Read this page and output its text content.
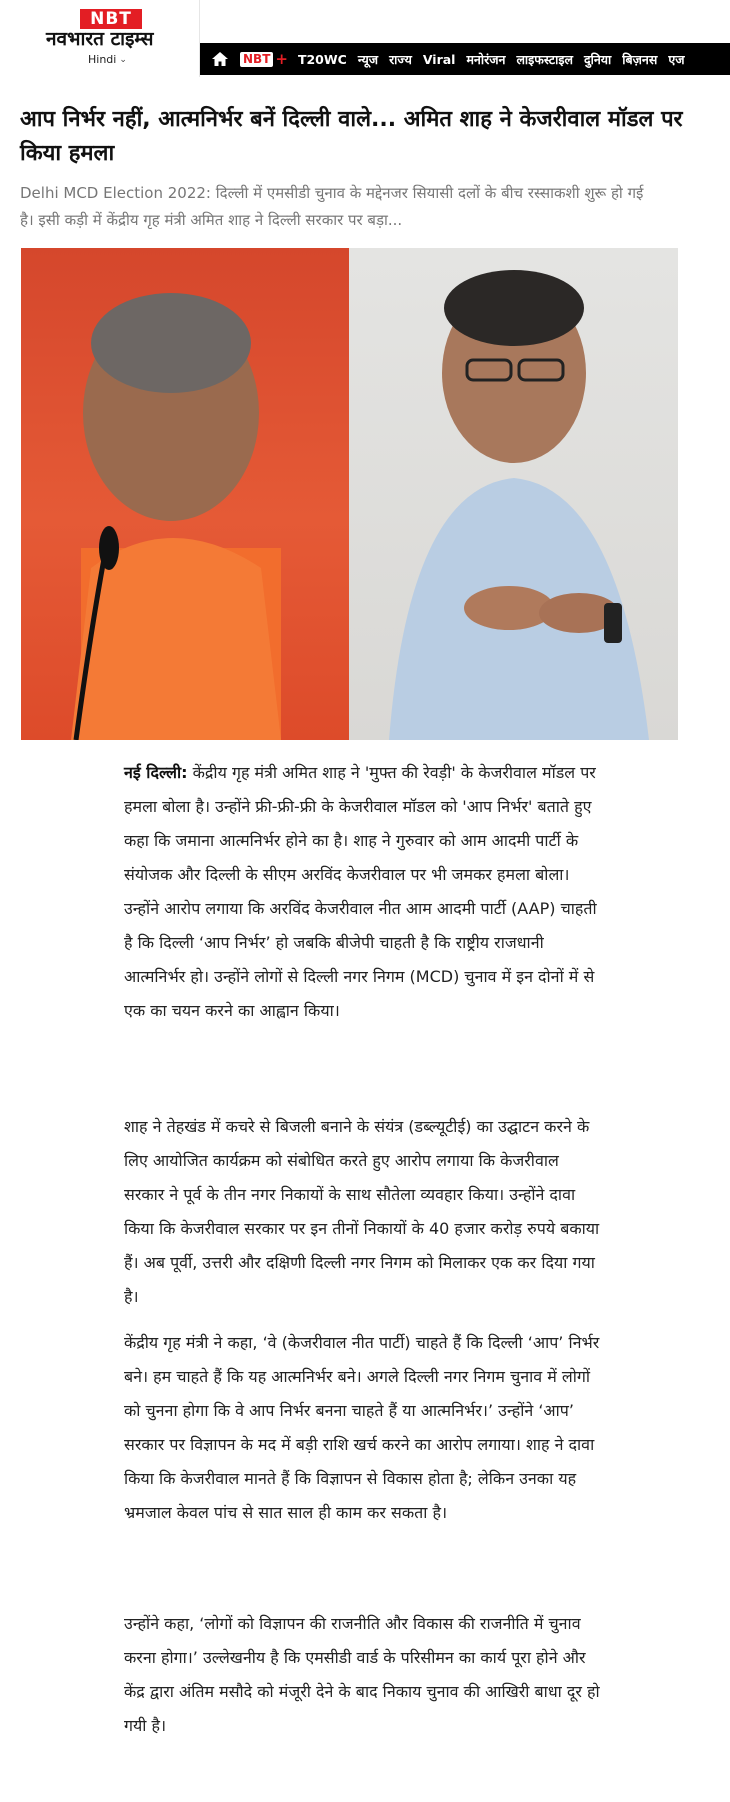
NBT
नवभारत टाइम्स
Hindi ⌄	NBT + T20WC न्यूज राज्य Viral मनोरंजन लाइफस्टाइल दुनिया बिज़नस एज
आप निर्भर नहीं, आत्मनिर्भर बनें दिल्ली वाले... अमित शाह ने केजरीवाल मॉडल पर किया हमला

Delhi MCD Election 2022: दिल्ली में एमसीडी चुनाव के मद्देनजर सियासी दलों के बीच रस्साकशी शुरू हो गई है। इसी कड़ी में केंद्रीय गृह मंत्री अमित शाह ने दिल्ली सरकार पर बड़ा...

नई दिल्ली: केंद्रीय गृह मंत्री अमित शाह ने 'मुफ्त की रेवड़ी' के केजरीवाल मॉडल पर हमला बोला है। उन्होंने फ्री-फ्री-फ्री के केजरीवाल मॉडल को 'आप निर्भर' बताते हुए कहा कि जमाना आत्मनिर्भर होने का है। शाह ने गुरुवार को आम आदमी पार्टी के संयोजक और दिल्ली के सीएम अरविंद केजरीवाल पर भी जमकर हमला बोला। उन्होंने आरोप लगाया कि अरविंद केजरीवाल नीत आम आदमी पार्टी (AAP) चाहती है कि दिल्ली ‘आप निर्भर’ हो जबकि बीजेपी चाहती है कि राष्ट्रीय राजधानी आत्मनिर्भर हो। उन्होंने लोगों से दिल्ली नगर निगम (MCD) चुनाव में इन दोनों में से एक का चयन करने का आह्वान किया।

शाह ने तेहखंड में कचरे से बिजली बनाने के संयंत्र (डब्ल्यूटीई) का उद्घाटन करने के लिए आयोजित कार्यक्रम को संबोधित करते हुए आरोप लगाया कि केजरीवाल सरकार ने पूर्व के तीन नगर निकायों के साथ सौतेला व्यवहार किया। उन्होंने दावा किया कि केजरीवाल सरकार पर इन तीनों निकायों के 40 हजार करोड़ रुपये बकाया हैं। अब पूर्वी, उत्तरी और दक्षिणी दिल्ली नगर निगम को मिलाकर एक कर दिया गया है।

केंद्रीय गृह मंत्री ने कहा, ‘वे (केजरीवाल नीत पार्टी) चाहते हैं कि दिल्ली ‘आप’ निर्भर बने। हम चाहते हैं कि यह आत्मनिर्भर बने। अगले दिल्ली नगर निगम चुनाव में लोगों को चुनना होगा कि वे आप निर्भर बनना चाहते हैं या आत्मनिर्भर।’ उन्होंने ‘आप’ सरकार पर विज्ञापन के मद में बड़ी राशि खर्च करने का आरोप लगाया। शाह ने दावा किया कि केजरीवाल मानते हैं कि विज्ञापन से विकास होता है; लेकिन उनका यह भ्रमजाल केवल पांच से सात साल ही काम कर सकता है।

उन्होंने कहा, ‘लोगों को विज्ञापन की राजनीति और विकास की राजनीति में चुनाव करना होगा।’ उल्लेखनीय है कि एमसीडी वार्ड के परिसीमन का कार्य पूरा होने और केंद्र द्वारा अंतिम मसौदे को मंजूरी देने के बाद निकाय चुनाव की आखिरी बाधा दूर हो गयी है।
